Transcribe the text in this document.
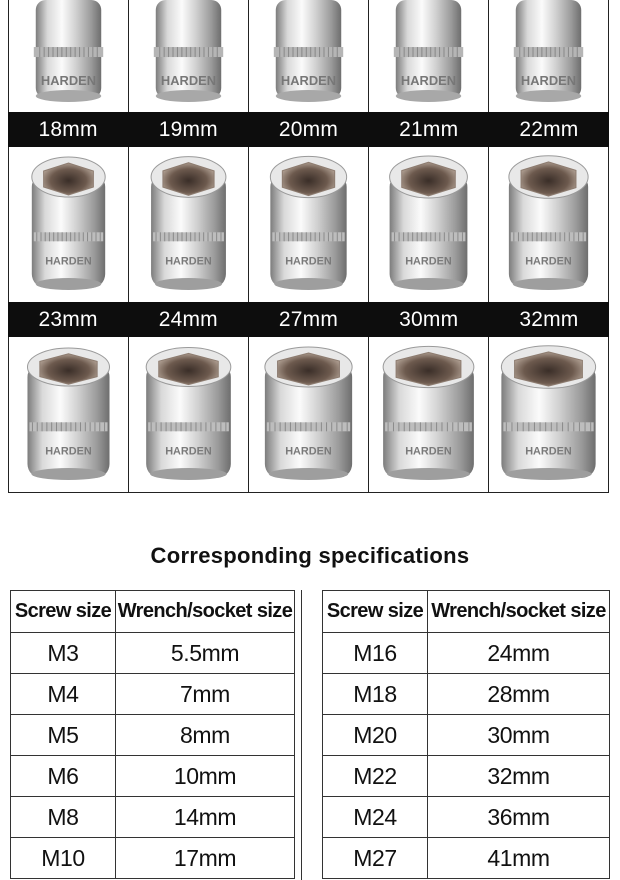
HARDEN	HARDEN	HARDEN	HARDEN	HARDEN
18mm	19mm	20mm	21mm	22mm
HARDEN	HARDEN	HARDEN	HARDEN	HARDEN
23mm	24mm	27mm	30mm	32mm
HARDEN	HARDEN	HARDEN	HARDEN	HARDEN
Corresponding specifications
Screw size	Wrench/socket size
M3	5.5mm
M4	7mm
M5	8mm
M6	10mm
M8	14mm
M10	17mm
Screw size	Wrench/socket size
M16	24mm
M18	28mm
M20	30mm
M22	32mm
M24	36mm
M27	41mm
